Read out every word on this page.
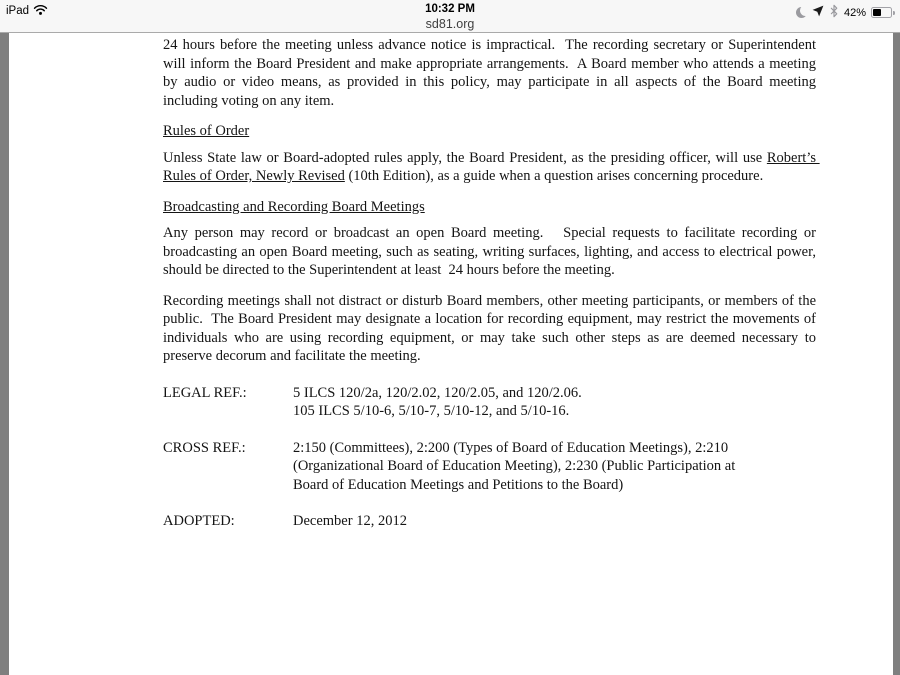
iPad	10:32 PM
sd81.org
42%

24 hours before the meeting unless advance notice is impractical.  The recording secretary or Superintendent will inform the Board President and make appropriate arrangements.  A Board member who attends a meeting by audio or video means, as provided in this policy, may participate in all aspects of the Board meeting including voting on any item.

Rules of Order

Unless State law or Board-adopted rules apply, the Board President, as the presiding officer, will use Robert’s Rules of Order, Newly Revised (10th Edition), as a guide when a question arises concerning procedure.

Broadcasting and Recording Board Meetings

Any person may record or broadcast an open Board meeting.   Special requests to facilitate recording or broadcasting an open Board meeting, such as seating, writing surfaces, lighting, and access to electrical power, should be directed to the Superintendent at least  24 hours before the meeting.

Recording meetings shall not distract or disturb Board members, other meeting participants, or members of the public.  The Board President may designate a location for recording equipment, may restrict the movements of individuals who are using recording equipment, or may take such other steps as are deemed necessary to preserve decorum and facilitate the meeting.

LEGAL REF.:	5 ILCS 120/2a, 120/2.02, 120/2.05, and 120/2.06.
105 ILCS 5/10-6, 5/10-7, 5/10-12, and 5/10-16.
CROSS REF.:	2:150 (Committees), 2:200 (Types of Board of Education Meetings), 2:210
(Organizational Board of Education Meeting), 2:230 (Public Participation at
Board of Education Meetings and Petitions to the Board)
ADOPTED:	December 12, 2012
